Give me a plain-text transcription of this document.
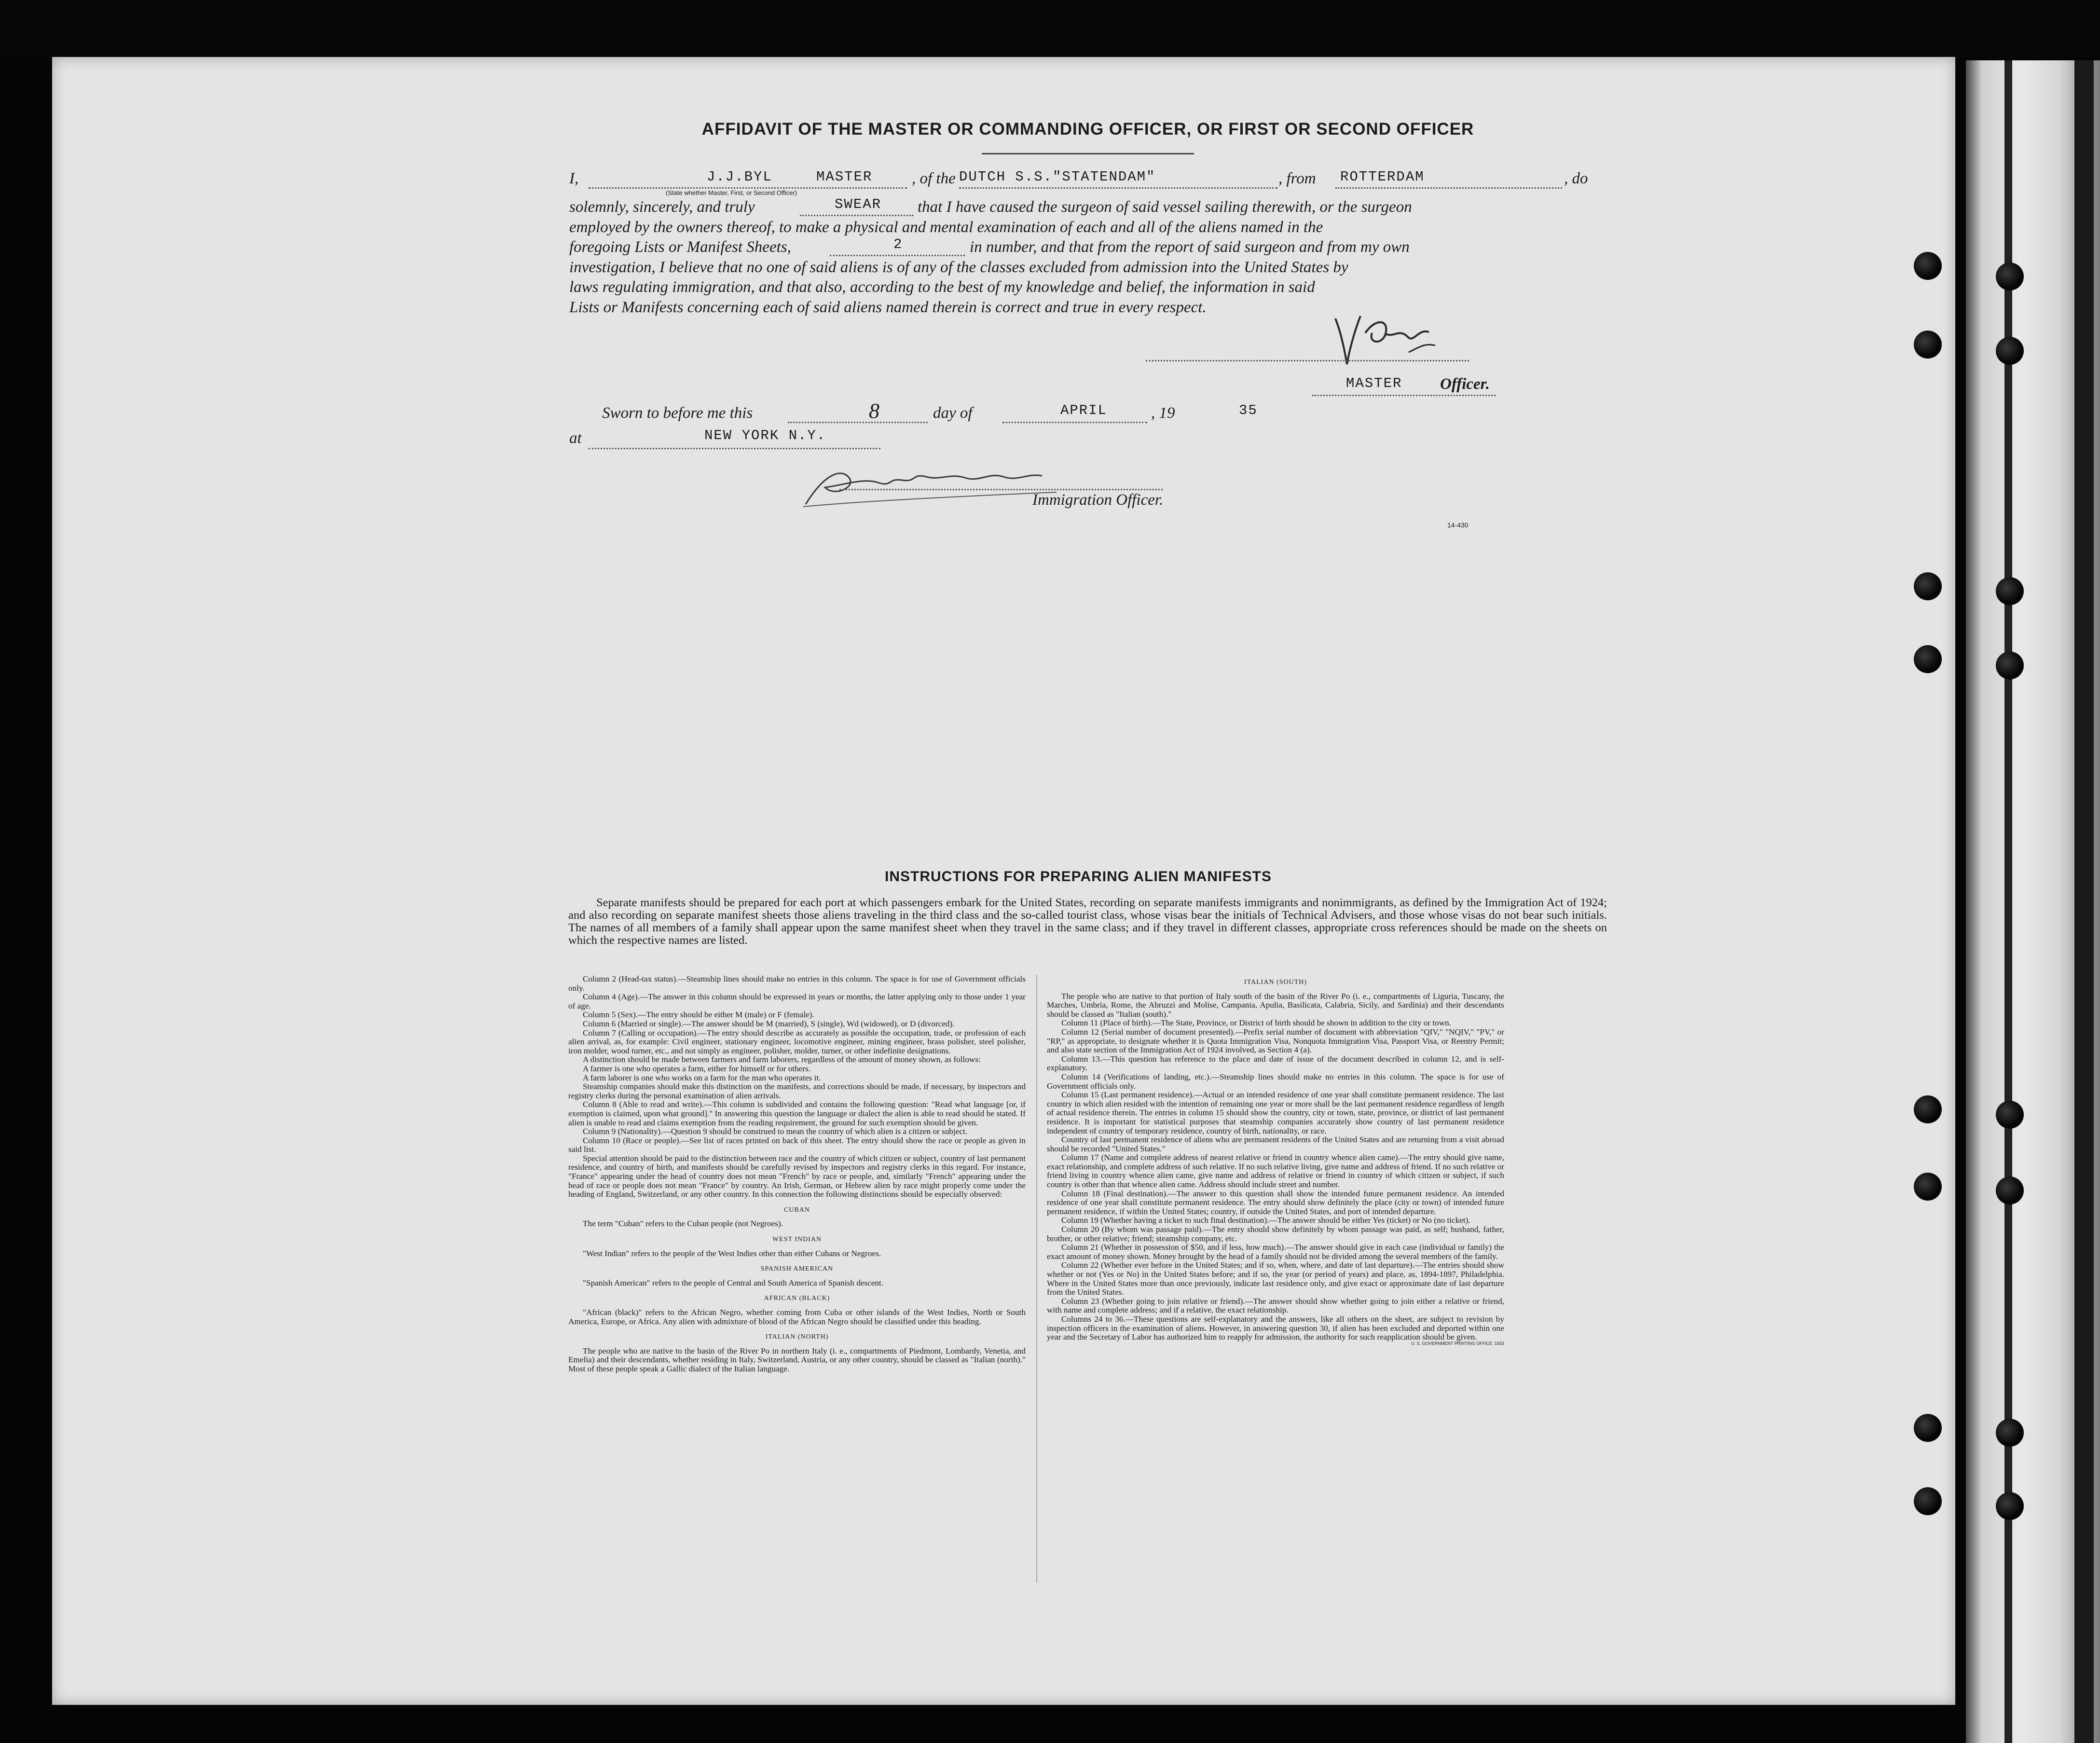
AFFIDAVIT OF THE MASTER OR COMMANDING OFFICER, OR FIRST OR SECOND OFFICER
I,	J.J.BYL	MASTER , of the DUTCH S.S."STATENDAM"	, from ROTTERDAM	, do
(State whether Master, First, or Second Officer)
solemnly, sincerely, and truly	SWEAR that I have caused the surgeon of said vessel sailing therewith, or the surgeon
employed by the owners thereof, to make a physical and mental examination of each and all of the aliens named in the
foregoing Lists or Manifest Sheets,	2	in number, and that from the report of said surgeon and from my own
investigation, I believe that no one of said aliens is of any of the classes excluded from admission into the United States by
laws regulating immigration, and that also, according to the best of my knowledge and belief, the information in said
Lists or Manifests concerning each of said aliens named therein is correct and true in every respect.
MASTER Officer.
Sworn to before me this	8	day of	APRIL	, 19	35
at	NEW YORK N.Y.
Immigration Officer.
14-430
INSTRUCTIONS FOR PREPARING ALIEN MANIFESTS
Separate manifests should be prepared for each port at which passengers embark for the United States, recording on separate manifests immigrants and nonimmigrants, as defined by the Immigration Act of 1924; and also recording on separate manifest sheets those aliens traveling in the third class and the so-called tourist class, whose visas bear the initials of Technical Advisers, and those whose visas do not bear such initials. The names of all members of a family shall appear upon the same manifest sheet when they travel in the same class; and if they travel in different classes, appropriate cross references should be made on the sheets on which the respective names are listed.

Column 2 (Head-tax status).—Steamship lines should make no entries in this column. The space is for use of Government officials only.

Column 4 (Age).—The answer in this column should be expressed in years or months, the latter applying only to those under 1 year of age.

Column 5 (Sex).—The entry should be either M (male) or F (female).

Column 6 (Married or single).—The answer should be M (married), S (single), Wd (widowed), or D (divorced).

Column 7 (Calling or occupation).—The entry should describe as accurately as possible the occupation, trade, or profession of each alien arrival, as, for example: Civil engineer, stationary engineer, locomotive engineer, mining engineer, brass polisher, steel polisher, iron molder, wood turner, etc., and not simply as engineer, polisher, molder, turner, or other indefinite designations.

A distinction should be made between farmers and farm laborers, regardless of the amount of money shown, as follows:

A farmer is one who operates a farm, either for himself or for others.

A farm laborer is one who works on a farm for the man who operates it.

Steamship companies should make this distinction on the manifests, and corrections should be made, if necessary, by inspectors and registry clerks during the personal examination of alien arrivals.

Column 8 (Able to read and write).—This column is subdivided and contains the following question: "Read what language [or, if exemption is claimed, upon what ground]." In answering this question the language or dialect the alien is able to read should be stated. If alien is unable to read and claims exemption from the reading requirement, the ground for such exemption should be given.

Column 9 (Nationality).—Question 9 should be construed to mean the country of which alien is a citizen or subject.

Column 10 (Race or people).—See list of races printed on back of this sheet. The entry should show the race or people as given in said list.

Special attention should be paid to the distinction between race and the country of which citizen or subject, country of last permanent residence, and country of birth, and manifests should be carefully revised by inspectors and registry clerks in this regard. For instance, "France" appearing under the head of country does not mean "French" by race or people, and, similarly "French" appearing under the head of race or people does not mean "France" by country. An Irish, German, or Hebrew alien by race might properly come under the heading of England, Switzerland, or any other country. In this connection the following distinctions should be especially observed:

CUBAN

The term "Cuban" refers to the Cuban people (not Negroes).

WEST INDIAN

"West Indian" refers to the people of the West Indies other than either Cubans or Negroes.

SPANISH AMERICAN

"Spanish American" refers to the people of Central and South America of Spanish descent.

AFRICAN (BLACK)

"African (black)" refers to the African Negro, whether coming from Cuba or other islands of the West Indies, North or South America, Europe, or Africa. Any alien with admixture of blood of the African Negro should be classified under this heading.

ITALIAN (NORTH)

The people who are native to the basin of the River Po in northern Italy (i. e., compartments of Piedmont, Lombardy, Venetia, and Emelia) and their descendants, whether residing in Italy, Switzerland, Austria, or any other country, should be classed as "Italian (north)." Most of these people speak a Gallic dialect of the Italian language.

ITALIAN (SOUTH)

The people who are native to that portion of Italy south of the basin of the River Po (i. e., compartments of Liguria, Tuscany, the Marches, Umbria, Rome, the Abruzzi and Molise, Campania, Apulia, Basilicata, Calabria, Sicily, and Sardinia) and their descendants should be classed as "Italian (south)."

Column 11 (Place of birth).—The State, Province, or District of birth should be shown in addition to the city or town.

Column 12 (Serial number of document presented).—Prefix serial number of document with abbreviation "QIV," "NQIV," "PV," or "RP," as appropriate, to designate whether it is Quota Immigration Visa, Nonquota Immigration Visa, Passport Visa, or Reentry Permit; and also state section of the Immigration Act of 1924 involved, as Section 4 (a).

Column 13.—This question has reference to the place and date of issue of the document described in column 12, and is self-explanatory.

Column 14 (Verifications of landing, etc.).—Steamship lines should make no entries in this column. The space is for use of Government officials only.

Column 15 (Last permanent residence).—Actual or an intended residence of one year shall constitute permanent residence. The last country in which alien resided with the intention of remaining one year or more shall be the last permanent residence regardless of length of actual residence therein. The entries in column 15 should show the country, city or town, state, province, or district of last permanent residence. It is important for statistical purposes that steamship companies accurately show country of last permanent residence independent of country of temporary residence, country of birth, nationality, or race.

Country of last permanent residence of aliens who are permanent residents of the United States and are returning from a visit abroad should be recorded "United States."

Column 17 (Name and complete address of nearest relative or friend in country whence alien came).—The entry should give name, exact relationship, and complete address of such relative. If no such relative living, give name and address of friend. If no such relative or friend living in country whence alien came, give name and address of relative or friend in country of which citizen or subject, if such country is other than that whence alien came. Address should include street and number.

Column 18 (Final destination).—The answer to this question shall show the intended future permanent residence. An intended residence of one year shall constitute permanent residence. The entry should show definitely the place (city or town) of intended future permanent residence, if within the United States; country, if outside the United States, and port of intended departure.

Column 19 (Whether having a ticket to such final destination).—The answer should be either Yes (ticket) or No (no ticket).

Column 20 (By whom was passage paid).—The entry should show definitely by whom passage was paid, as self; husband, father, brother, or other relative; friend; steamship company, etc.

Column 21 (Whether in possession of $50, and if less, how much).—The answer should give in each case (individual or family) the exact amount of money shown. Money brought by the head of a family should not be divided among the several members of the family.

Column 22 (Whether ever before in the United States; and if so, when, where, and date of last departure).—The entries should show whether or not (Yes or No) in the United States before; and if so, the year (or period of years) and place, as, 1894-1897, Philadelphia. Where in the United States more than once previously, indicate last residence only, and give exact or approximate date of last departure from the United States.

Column 23 (Whether going to join relative or friend).—The answer should show whether going to join either a relative or friend, with name and complete address; and if a relative, the exact relationship.

Columns 24 to 36.—These questions are self-explanatory and the answers, like all others on the sheet, are subject to revision by inspection officers in the examination of aliens. However, in answering question 30, if alien has been excluded and deported within one year and the Secretary of Labor has authorized him to reapply for admission, the authority for such reapplication should be given.

U. S. GOVERNMENT PRINTING OFFICE: 1933
